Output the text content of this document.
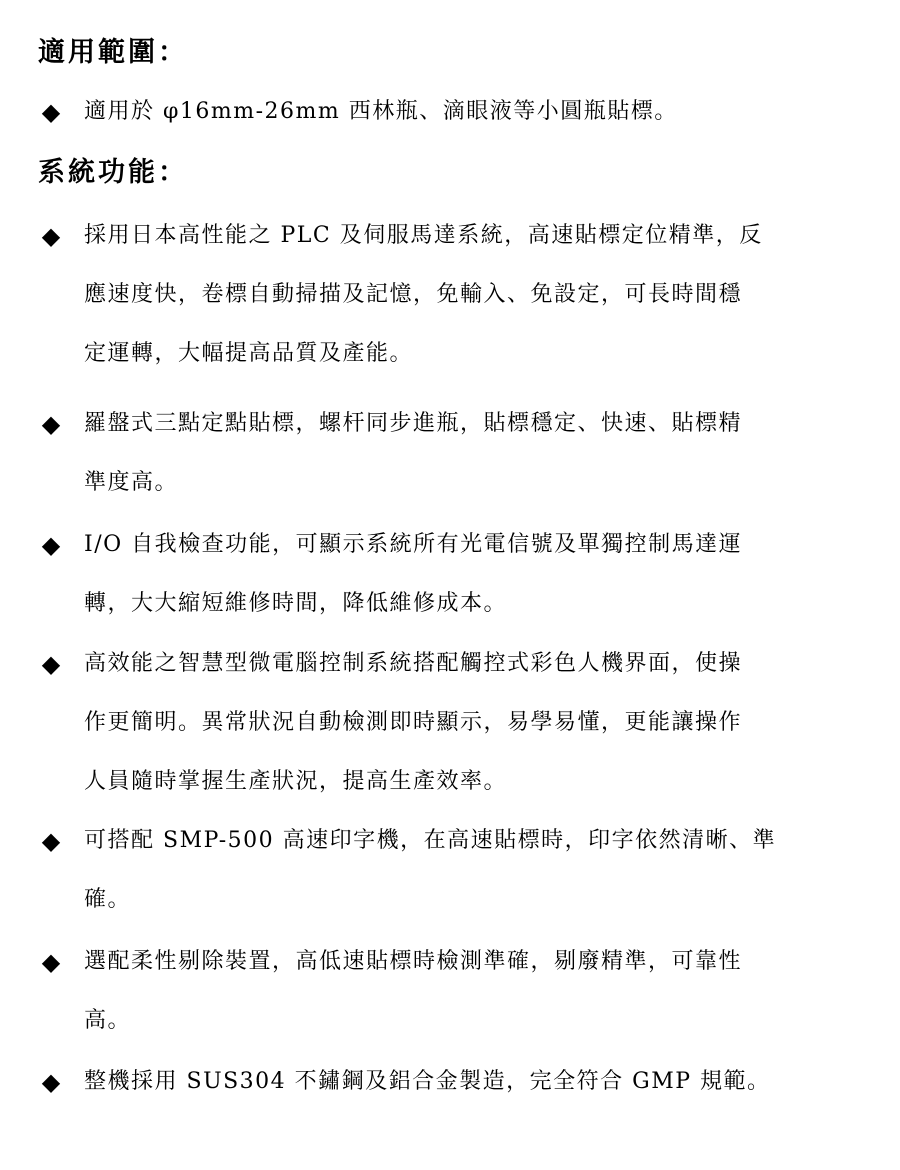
適用範圍：
◆ 適用於 φ16mm-26mm 西林瓶、滴眼液等小圓瓶貼標。
系統功能：
◆ 採用日本高性能之 PLC 及伺服馬達系統，高速貼標定位精準，反
應速度快，卷標自動掃描及記憶，免輸入、免設定，可長時間穩
定運轉，大幅提高品質及產能。
◆ 羅盤式三點定點貼標，螺杆同步進瓶，貼標穩定、快速、貼標精
準度高。
◆ I/O 自我檢查功能，可顯示系統所有光電信號及單獨控制馬達運
轉，大大縮短維修時間，降低維修成本。
◆ 高效能之智慧型微電腦控制系統搭配觸控式彩色人機界面，使操
作更簡明。異常狀況自動檢測即時顯示，易學易懂，更能讓操作
人員隨時掌握生產狀況，提高生產效率。
◆ 可搭配 SMP-500 高速印字機，在高速貼標時，印字依然清晰、準
確。
◆ 選配柔性剔除裝置，高低速貼標時檢測準確，剔廢精準，可靠性
高。
◆ 整機採用 SUS304 不鏽鋼及鋁合金製造，完全符合 GMP 規範。
